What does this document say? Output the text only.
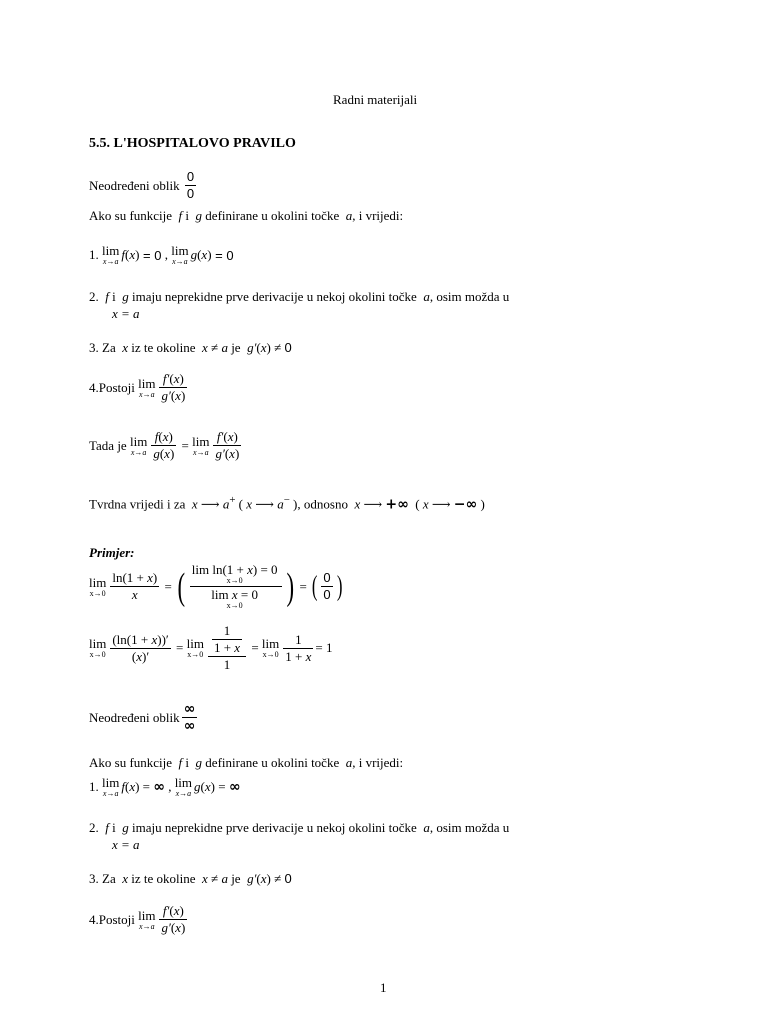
Radni materijali
5.5. L'HOSPITALOVO PRAVILO
Neodređeni oblik
$\frac{0}{0}$
Ako su funkcije f i g definirane u okolini točke a, i vrijedi:
1.
lim
x→a f ( x ) = 0 , lim
x→a g ( x ) = 0
2.  f i  g imaju neprekidne prve derivacije u nekoj okolini točke a, osim možda u
x = a
3. Za x iz te okoline x ≠ a je g′(x) ≠ 0
4.Postoji
lim
$x\to a \frac{f'(x)}{g'(x)}$
Tada je
lim
$x\to a \frac{f(x)}{g(x)} = \lim$
$x\to a \frac{f'(x)}{g'(x)}$
Tvrdna vrijedi i za x ⟶ a+ ( x ⟶ a− ), odnosno x ⟶ +∞  ( x ⟶ −∞ )
Primjer:
lim
$x\to 0 \frac{\ln(1 + x)}{x}$ = ( lim ln(1 + x) = 0
x→0
lim x = 0
x→0 ) = ( $\frac{0}{0}$ )
lim
$x\to 0 \frac{(\ln(1 + x))'}{(x)'} = \lim$
$x\to 0 \frac{\frac{1}{1 + x}}{1} = \lim$
$x\to 0 \frac{1}{1 + x} = 1$
Neodređeni oblik $\frac{\infty}{\infty}$
Ako su funkcije f i g definirane u okolini točke a, i vrijedi:
1. lim
x→a f ( x ) = ∞ , lim
x→a g ( x ) = ∞
2.  f i  g imaju neprekidne prve derivacije u nekoj okolini točke a, osim možda u
x = a
3. Za x iz te okoline x ≠ a je g′(x) ≠ 0
4.Postoji
lim
$x\to a \frac{f'(x)}{g'(x)}$
1
